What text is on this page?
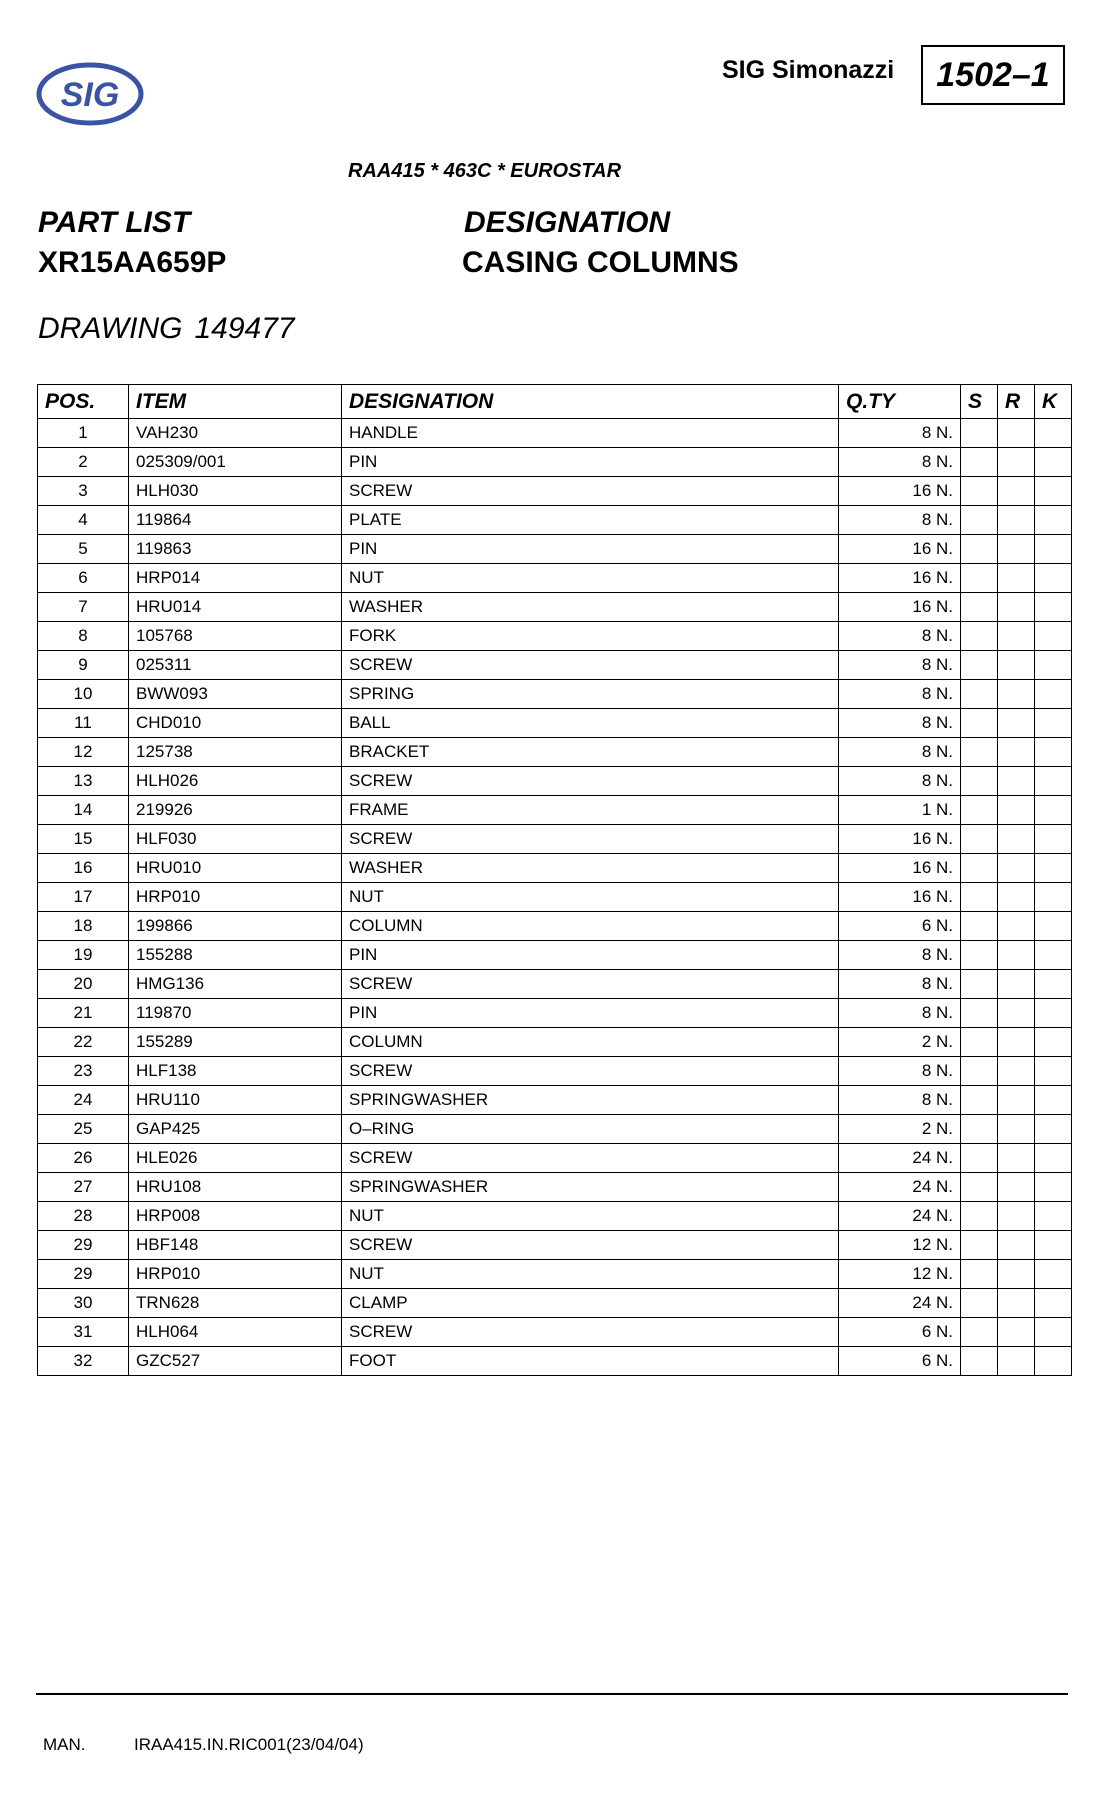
SIG
SIG Simonazzi 1502–1
RAA415 * 463C * EUROSTAR
PART LIST	DESIGNATION
XR15AA659P	CASING COLUMNS
DRAWING 149477
POS.	ITEM	DESIGNATION	Q.TY	S	R	K
1	VAH230	HANDLE	8 N.			
2	025309/001	PIN	8 N.			
3	HLH030	SCREW	16 N.			
4	119864	PLATE	8 N.			
5	119863	PIN	16 N.			
6	HRP014	NUT	16 N.			
7	HRU014	WASHER	16 N.			
8	105768	FORK	8 N.			
9	025311	SCREW	8 N.			
10	BWW093	SPRING	8 N.			
11	CHD010	BALL	8 N.			
12	125738	BRACKET	8 N.			
13	HLH026	SCREW	8 N.			
14	219926	FRAME	1 N.			
15	HLF030	SCREW	16 N.			
16	HRU010	WASHER	16 N.			
17	HRP010	NUT	16 N.			
18	199866	COLUMN	6 N.			
19	155288	PIN	8 N.			
20	HMG136	SCREW	8 N.			
21	119870	PIN	8 N.			
22	155289	COLUMN	2 N.			
23	HLF138	SCREW	8 N.			
24	HRU110	SPRINGWASHER	8 N.			
25	GAP425	O–RING	2 N.			
26	HLE026	SCREW	24 N.			
27	HRU108	SPRINGWASHER	24 N.			
28	HRP008	NUT	24 N.			
29	HBF148	SCREW	12 N.			
29	HRP010	NUT	12 N.			
30	TRN628	CLAMP	24 N.			
31	HLH064	SCREW	6 N.			
32	GZC527	FOOT	6 N.			
MAN.	IRAA415.IN.RIC001(23/04/04)
